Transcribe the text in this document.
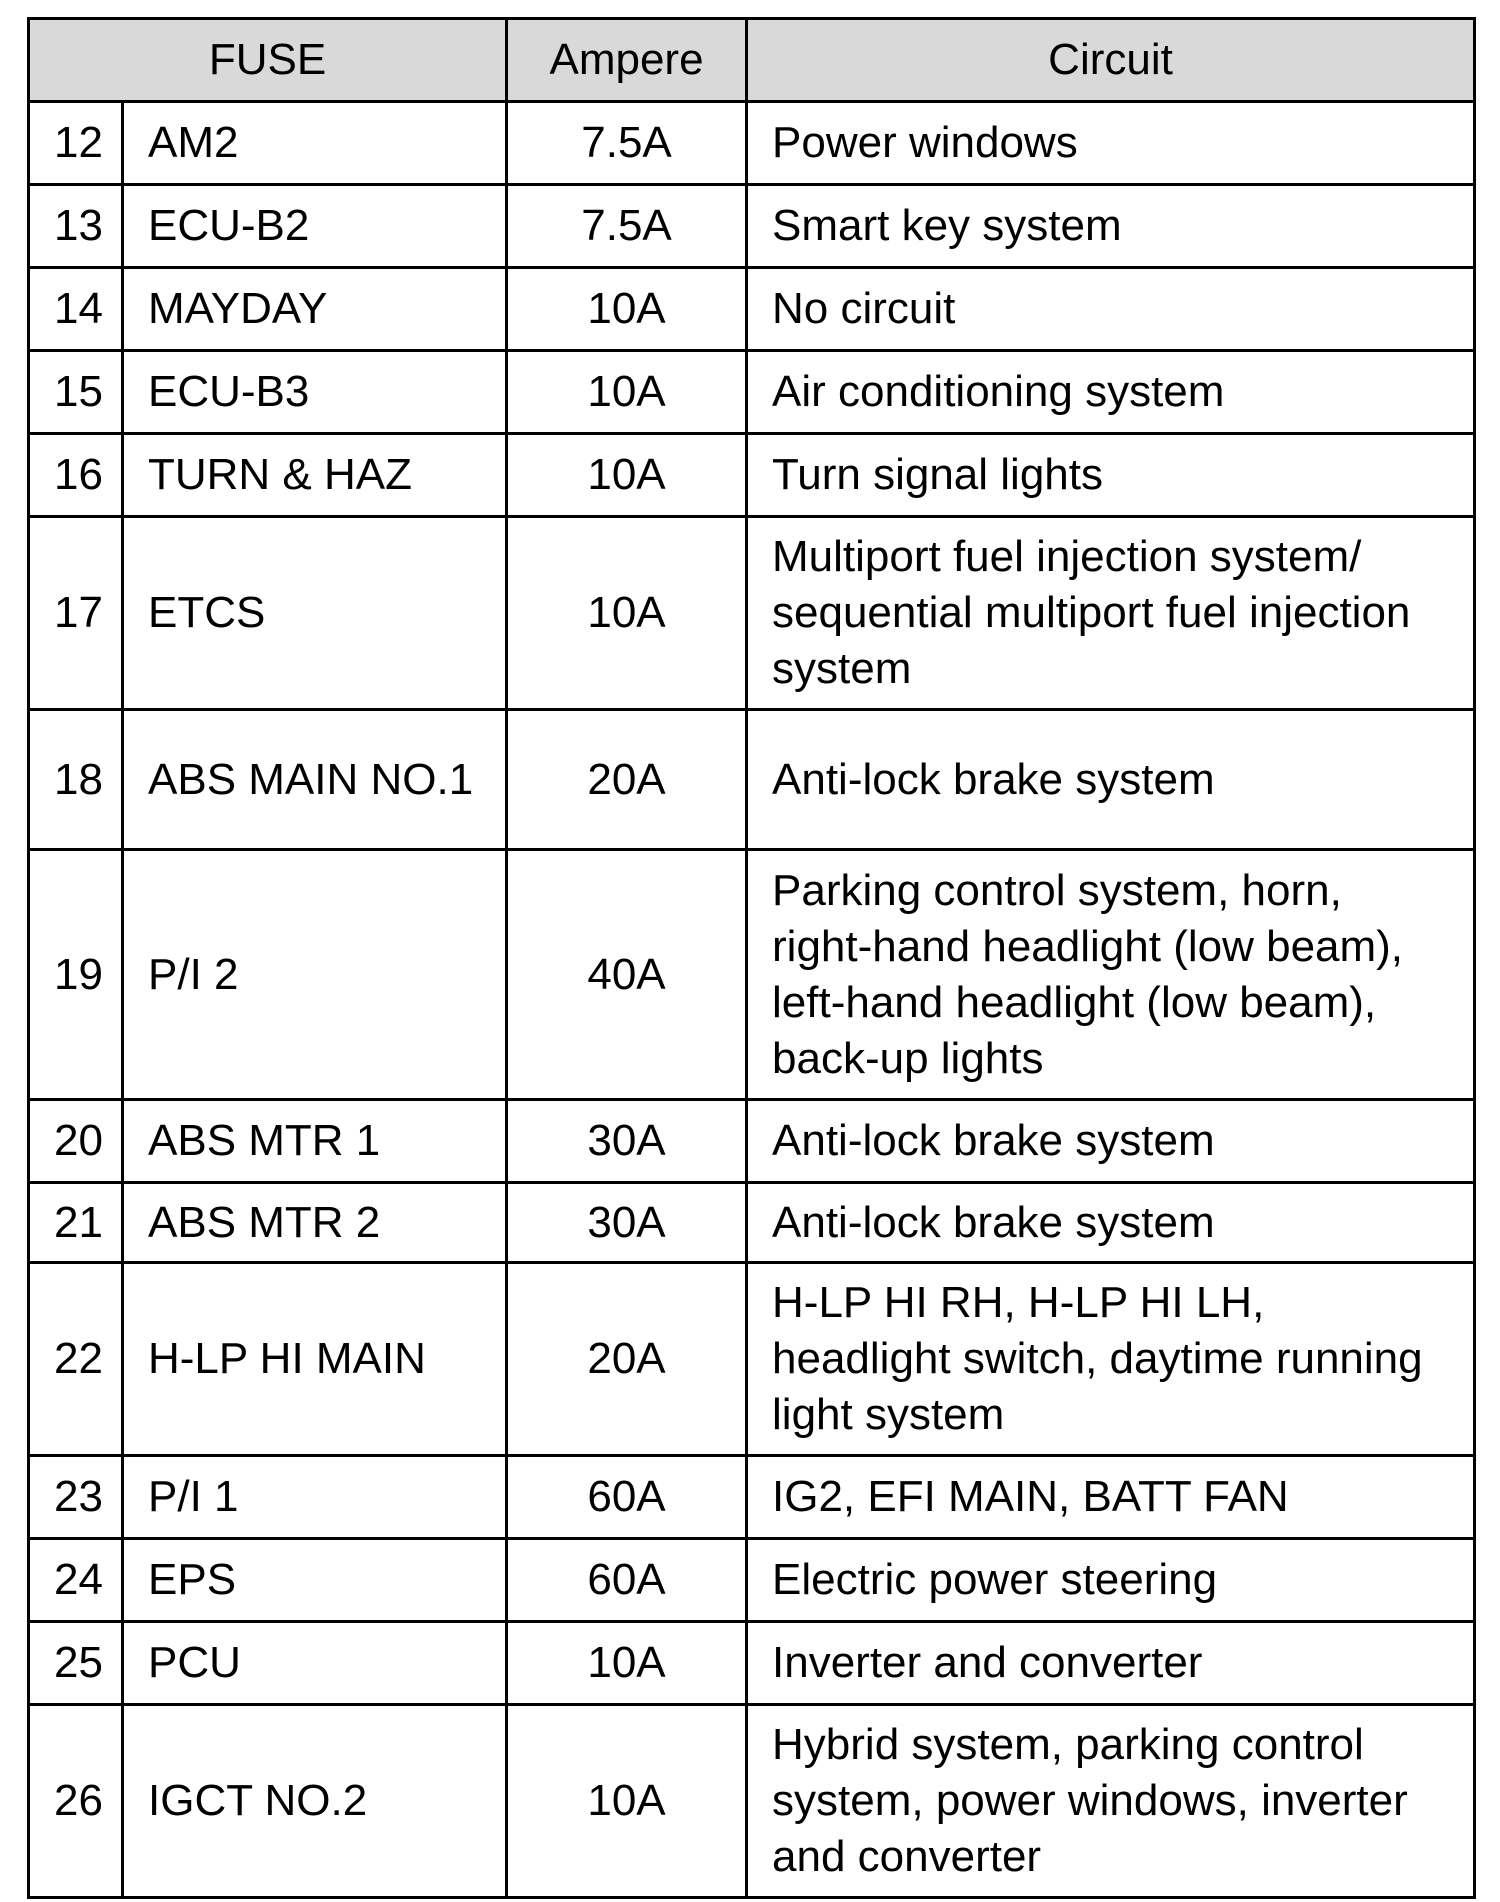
FUSE		Ampere	Circuit
12	AM2	7.5A	Power windows
13	ECU-B2	7.5A	Smart key system
14	MAYDAY	10A	No circuit
15	ECU-B3	10A	Air conditioning system
16	TURN & HAZ	10A	Turn signal lights
17	ETCS	10A	Multiport fuel injection system/ sequential multiport fuel injection system
18	ABS MAIN NO.1	20A	Anti-lock brake system
19	P/I 2	40A	Parking control system, horn, right-hand headlight (low beam), left-hand headlight (low beam), back-up lights
20	ABS MTR 1	30A	Anti-lock brake system
21	ABS MTR 2	30A	Anti-lock brake system
22	H-LP HI MAIN	20A	H-LP HI RH, H-LP HI LH, headlight switch, daytime running light system
23	P/I 1	60A	IG2, EFI MAIN, BATT FAN
24	EPS	60A	Electric power steering
25	PCU	10A	Inverter and converter
26	IGCT NO.2	10A	Hybrid system, parking control system, power windows, inverter and converter
